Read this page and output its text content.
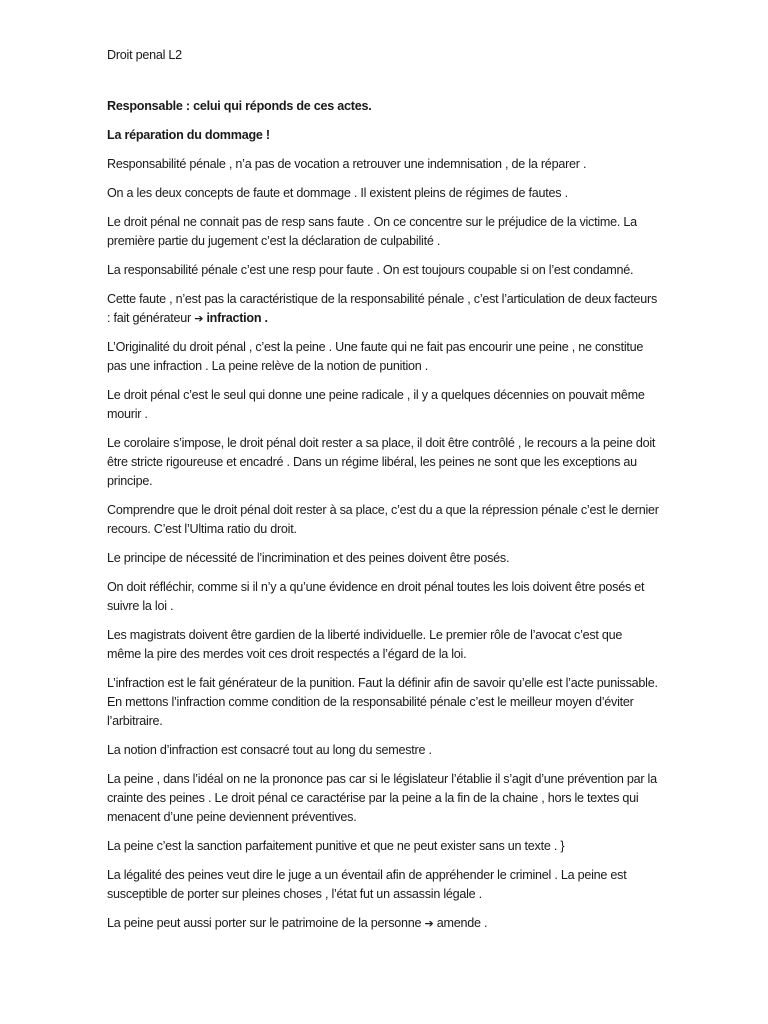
Droit penal L2
Responsable : celui qui réponds de ces actes.
La réparation du dommage !
Responsabilité pénale , n’a pas de vocation a retrouver une indemnisation , de la réparer .
On a les deux concepts de faute et dommage . Il existent pleins de régimes de fautes .
Le droit pénal ne connait pas de resp sans faute . On ce concentre sur le préjudice de la victime. La première partie du jugement c’est la déclaration de culpabilité .
La responsabilité pénale c’est une resp pour faute . On est toujours coupable si on l’est condamné.
Cette faute , n’est pas la caractéristique de la responsabilité pénale , c’est l’articulation de deux facteurs : fait générateur ➔ infraction .
L’Originalité du droit pénal , c’est la peine . Une faute qui ne fait pas encourir une peine , ne constitue pas une infraction . La peine relève de la notion de punition .
Le droit pénal c’est le seul qui donne une peine radicale , il y a quelques décennies on pouvait même mourir .
Le corolaire s’impose, le droit pénal doit rester a sa place, il doit être contrôlé , le recours a la peine doit être stricte rigoureuse et encadré . Dans un régime libéral, les peines ne sont que les exceptions au principe.
Comprendre que le droit pénal doit rester à sa place, c’est du a que la répression pénale c’est le dernier recours. C’est l’Ultima ratio du droit.
Le principe de nécessité de l’incrimination et des peines doivent être posés.
On doit réfléchir, comme si il n’y a qu’une évidence en droit pénal toutes les lois doivent être posés et suivre la loi .
Les magistrats doivent être gardien de la liberté individuelle. Le premier rôle de l’avocat c’est que même la pire des merdes voit ces droit respectés a l’égard de la loi.
L’infraction est le fait générateur de la punition. Faut la définir afin de savoir qu’elle est l’acte punissable. En mettons l’infraction comme condition de la responsabilité pénale c’est le meilleur moyen d’éviter l’arbitraire.
La notion d’infraction est consacré tout au long du semestre .
La peine , dans l’idéal on ne la prononce pas car si le législateur l’établie il s’agit d’une prévention par la crainte des peines . Le droit pénal ce caractérise par la peine a la fin de la chaine , hors le textes qui menacent d’une peine deviennent préventives.
La peine c’est la sanction parfaitement punitive et que ne peut exister sans un texte . }
La légalité des peines veut dire le juge a un éventail afin de appréhender le criminel . La peine est susceptible de porter sur pleines choses , l’état fut un assassin légale .
La peine peut aussi porter sur le patrimoine de la personne ➔ amende .
